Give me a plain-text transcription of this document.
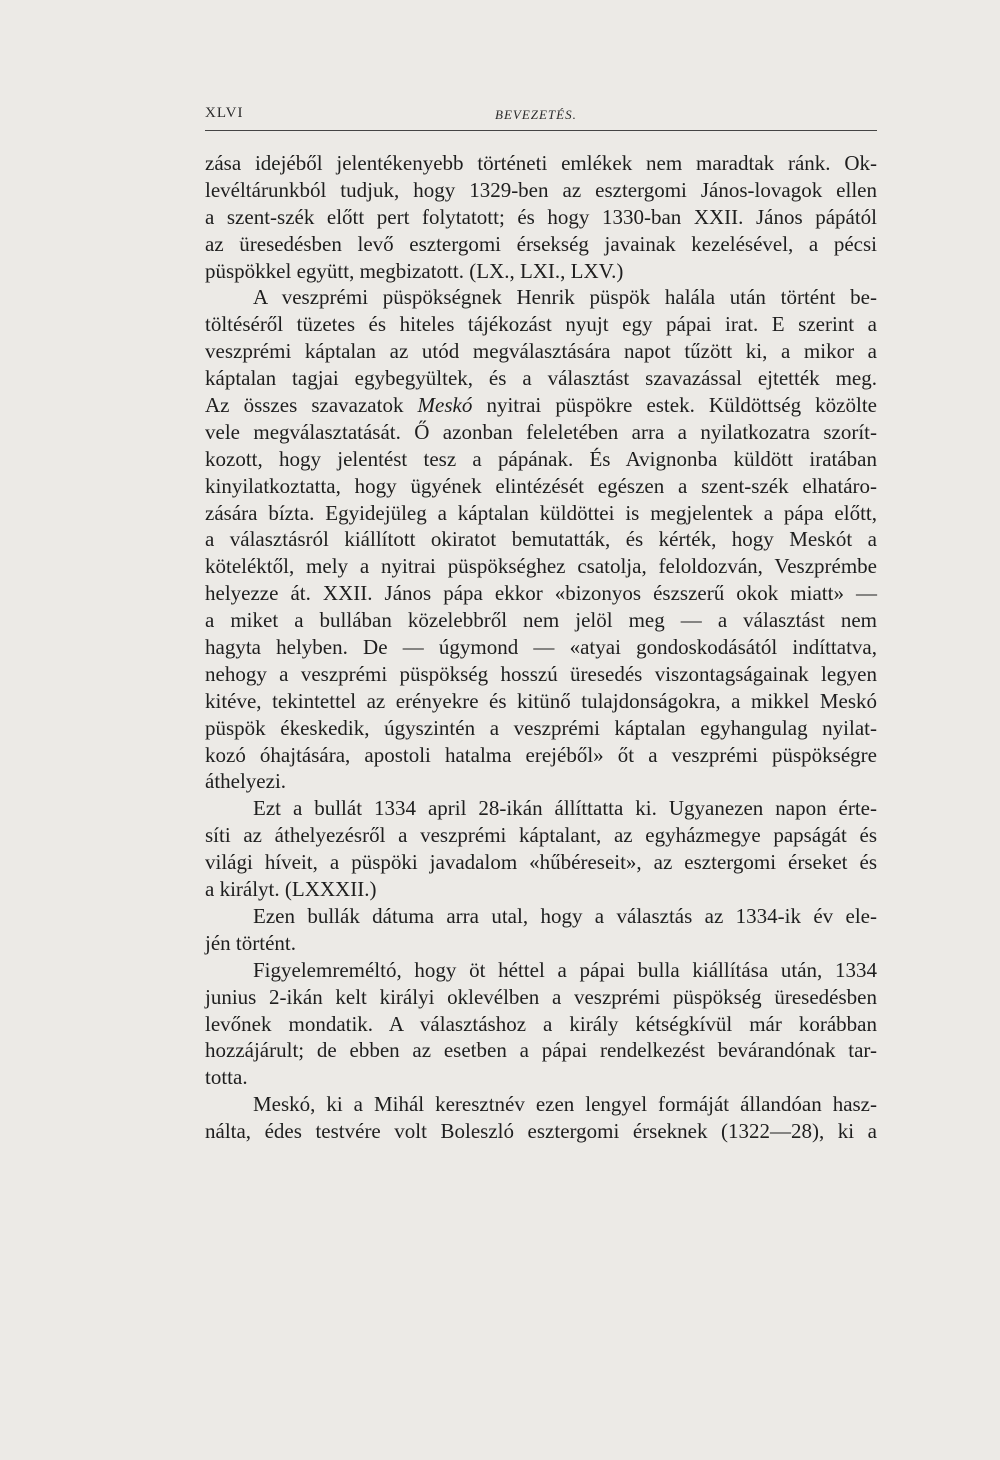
XLVI	BEVEZETÉS.
zása idejéből jelentékenyebb történeti emlékek nem maradtak ránk. Ok-
levéltárunkból tudjuk, hogy 1329-ben az esztergomi János-lovagok ellen
a szent-szék előtt pert folytatott; és hogy 1330-ban XXII. János pápától
az üresedésben levő esztergomi érsekség javainak kezelésével, a pécsi
püspökkel együtt, megbizatott. (LX., LXI., LXV.)
A veszprémi püspökségnek Henrik püspök halála után történt be-
töltéséről tüzetes és hiteles tájékozást nyujt egy pápai irat. E szerint a
veszprémi káptalan az utód megválasztására napot tűzött ki, a mikor a
káptalan tagjai egybegyültek, és a választást szavazással ejtették meg.
Az összes szavazatok Meskó nyitrai püspökre estek. Küldöttség közölte
vele megválasztatását. Ő azonban feleletében arra a nyilatkozatra szorít-
kozott, hogy jelentést tesz a pápának. És Avignonba küldött iratában
kinyilatkoztatta, hogy ügyének elintézését egészen a szent-szék elhatáro-
zására bízta. Egyidejüleg a káptalan küldöttei is megjelentek a pápa előtt,
a választásról kiállított okiratot bemutatták, és kérték, hogy Meskót a
köteléktől, mely a nyitrai püspökséghez csatolja, feloldozván, Veszprémbe
helyezze át. XXII. János pápa ekkor «bizonyos észszerű okok miatt» —
a miket a bullában közelebbről nem jelöl meg — a választást nem
hagyta helyben. De — úgymond — «atyai gondoskodásától indíttatva,
nehogy a veszprémi püspökség hosszú üresedés viszontagságainak legyen
kitéve, tekintettel az erényekre és kitünő tulajdonságokra, a mikkel Meskó
püspök ékeskedik, úgyszintén a veszprémi káptalan egyhangulag nyilat-
kozó óhajtására, apostoli hatalma erejéből» őt a veszprémi püspökségre
áthelyezi.
Ezt a bullát 1334 april 28-ikán állíttatta ki. Ugyanezen napon érte-
síti az áthelyezésről a veszprémi káptalant, az egyházmegye papságát és
világi híveit, a püspöki javadalom «hűbéreseit», az esztergomi érseket és
a királyt. (LXXXII.)
Ezen bullák dátuma arra utal, hogy a választás az 1334-ik év ele-
jén történt.
Figyelemreméltó, hogy öt héttel a pápai bulla kiállítása után, 1334
junius 2-ikán kelt királyi oklevélben a veszprémi püspökség üresedésben
levőnek mondatik. A választáshoz a király kétségkívül már korábban
hozzájárult; de ebben az esetben a pápai rendelkezést bevárandónak tar-
totta.
Meskó, ki a Mihál keresztnév ezen lengyel formáját állandóan hasz-
nálta, édes testvére volt Boleszló esztergomi érseknek (1322—28), ki a
